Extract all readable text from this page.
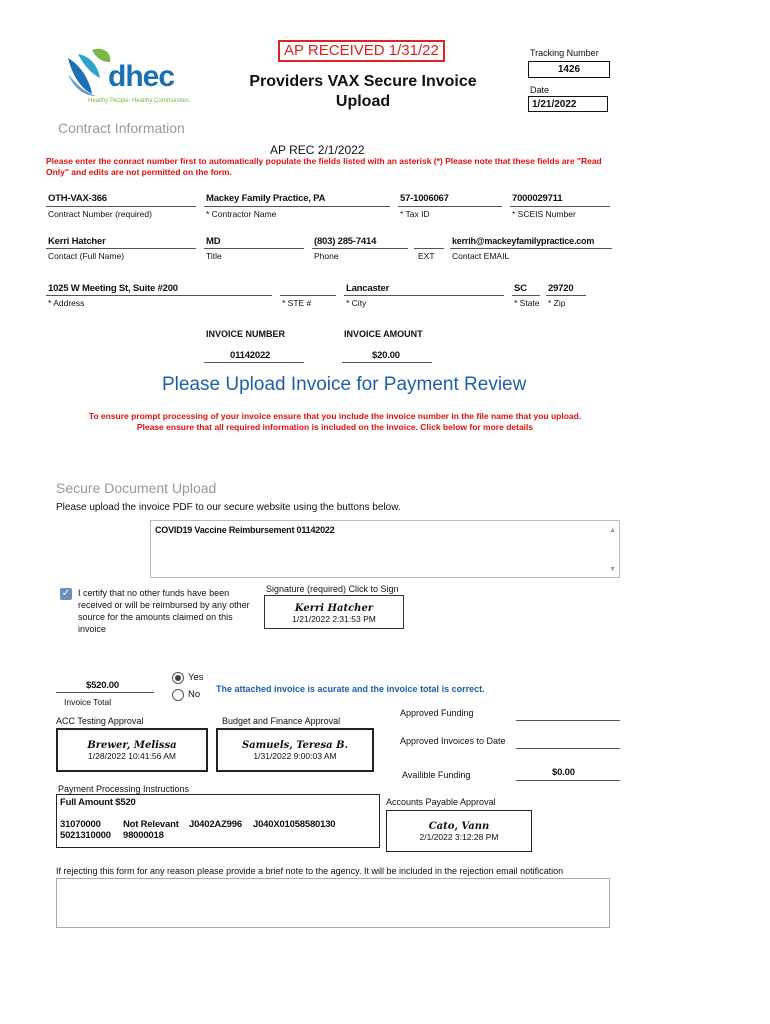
dhec
Healthy People. Healthy Communities.
AP RECEIVED 1/31/22
Providers VAX Secure Invoice
Upload
Tracking Number
1426
Date
1/21/2022
Contract Information
AP REC 2/1/2022
Please enter the conract number first to automatically populate the fields listed with an asterisk (*) Please note that these fields are "Read Only" and edits are not permitted on the form.
OTH-VAX-366
Contract Number (required)
Mackey Family Practice, PA
* Contractor Name
57-1006067
* Tax ID
7000029711
* SCEIS Number
Kerri Hatcher
Contact (Full Name)
MD
Title
(803) 285-7414
Phone	EXT
kerrih@mackeyfamilypractice.com
Contact EMAIL
1025 W Meeting St, Suite #200
* Address	* STE #
Lancaster
* City
SC
* State
29720
* Zip
INVOICE NUMBER
01142022
INVOICE AMOUNT
$20.00
Please Upload Invoice for Payment Review
To ensure prompt processing of your invoice ensure that you include the invoice number in the file name that you upload.
Please ensure that all required information is included on the invoice. Click below for more details
Secure Document Upload
Please upload the invoice PDF to our secure website using the buttons below.
COVID19 Vaccine Reimbursement 01142022	▲
▼
✓ I certify that no other funds have been received or will be reimbursed by any other source for the amounts claimed on this invoice
Signature (required) Click to Sign
Kerri Hatcher
1/21/2022 2:31:53 PM
$520.00
Invoice Total
Yes
No The attached invoice is acurate and the invoice total is correct.
ACC Testing Approval
Brewer, Melissa
1/28/2022 10:41:56 AM
Budget and Finance Approval
Samuels, Teresa B.
1/31/2022 9:00:03 AM
Approved Funding
Approved Invoices to Date
Availible Funding	$0.00
Accounts Payable Approval
Cato, Vann
2/1/2022 3:12:28 PM
Payment Processing Instructions
Full Amount $520
31070000 Not Relevant J0402AZ996 J040X01058580130
5021310000 98000018
If rejecting this form for any reason please provide a brief note to the agency. It will be included in the rejection email notification
